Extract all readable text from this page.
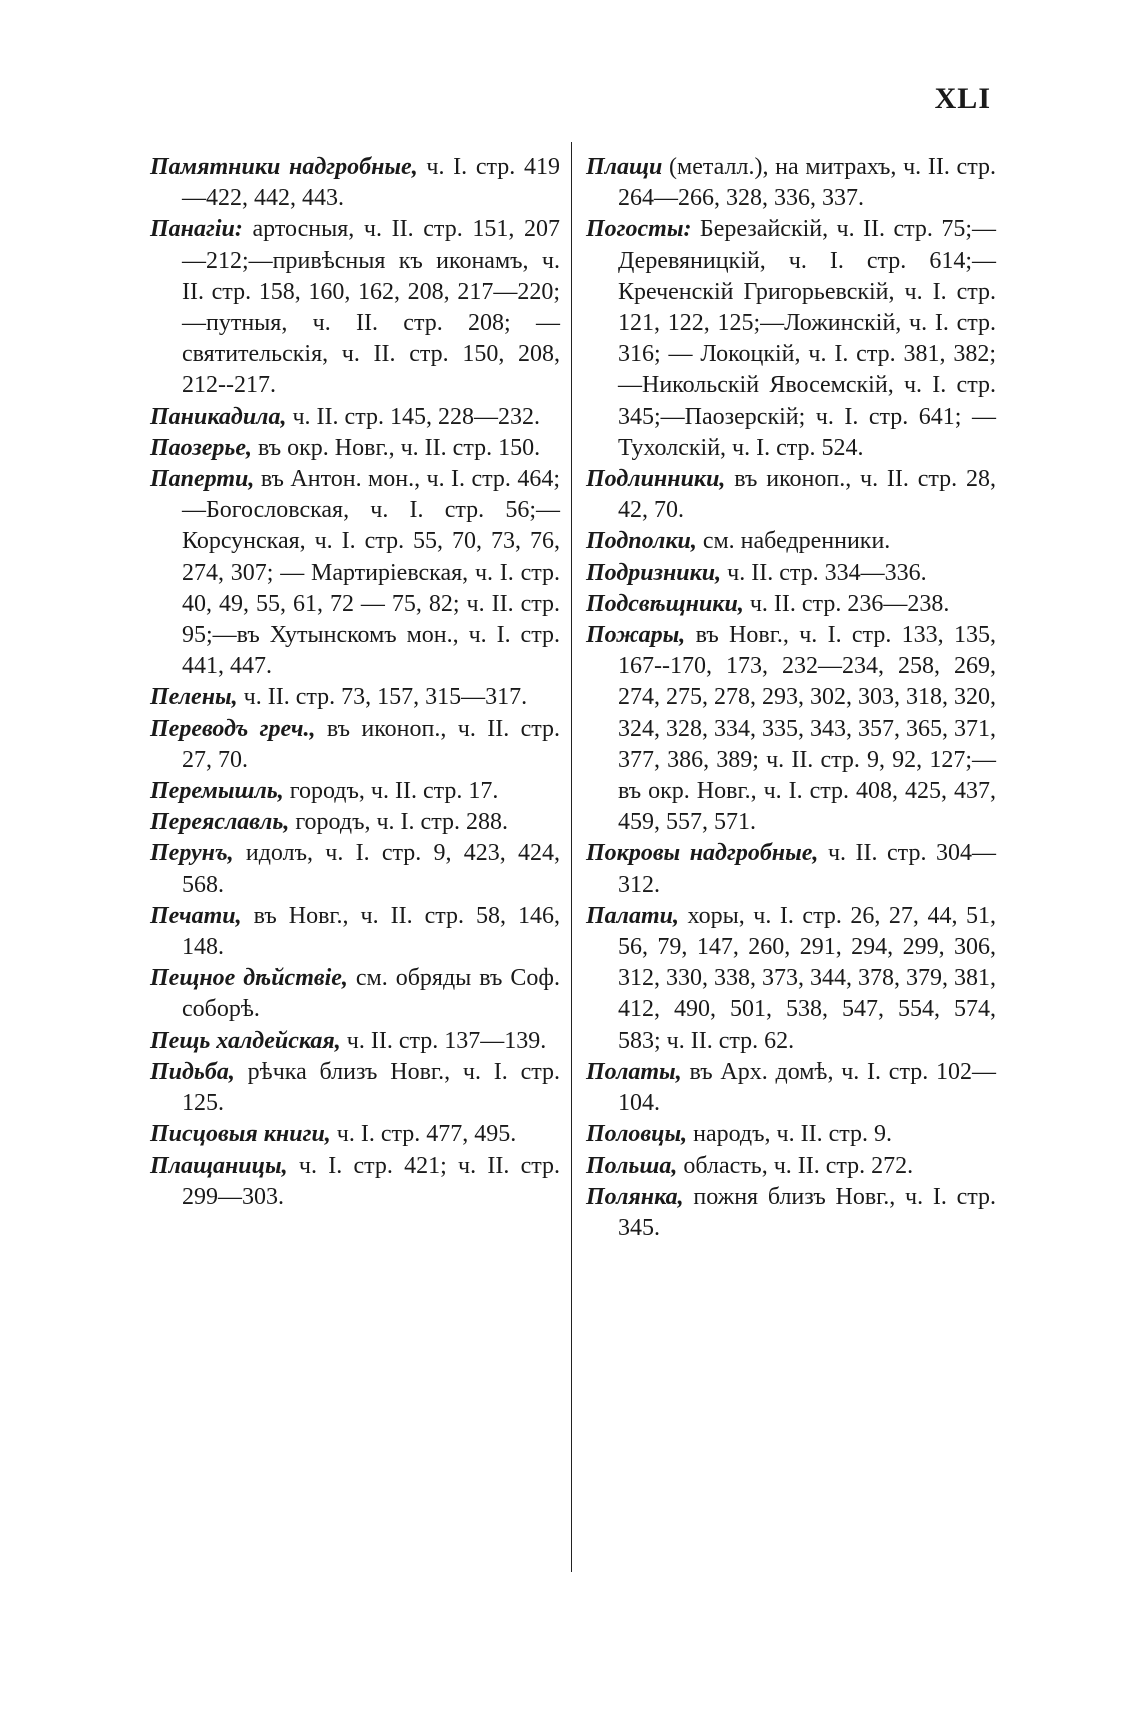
XLI

Памятники надгробные, ч. I. стр. 419—422, 442, 443.

Панагіи: артосныя, ч. II. стр. 151, 207—212;—привѣсныя къ иконамъ, ч. II. стр. 158, 160, 162, 208, 217—220; —путныя, ч. II. стр. 208; —святительскія, ч. II. стр. 150, 208, 212--217.

Паникадила, ч. II. стр. 145, 228—232.

Паозерье, въ окр. Новг., ч. II. стр. 150.

Паперти, въ Антон. мон., ч. I. стр. 464;—Богословская, ч. I. стр. 56;—Корсунская, ч. I. стр. 55, 70, 73, 76, 274, 307; — Мартиріевская, ч. I. стр. 40, 49, 55, 61, 72 — 75, 82; ч. II. стр. 95;—въ Хутынскомъ мон., ч. I. стр. 441, 447.

Пелены, ч. II. стр. 73, 157, 315—317.

Переводъ греч., въ иконоп., ч. II. стр. 27, 70.

Перемышль, городъ, ч. II. стр. 17.

Переяславль, городъ, ч. I. стр. 288.

Перунъ, идолъ, ч. I. стр. 9, 423, 424, 568.

Печати, въ Новг., ч. II. стр. 58, 146, 148.

Пещное дѣйствіе, см. обряды въ Соф. соборѣ.

Пещь халдейская, ч. II. стр. 137—139.

Пидьба, рѣчка близъ Новг., ч. I. стр. 125.

Писцовыя книги, ч. I. стр. 477, 495.

Плащаницы, ч. I. стр. 421; ч. II. стр. 299—303.

Плащи (металл.), на митрахъ, ч. II. стр. 264—266, 328, 336, 337.

Погосты: Березайскій, ч. II. стр. 75;—Деревяницкій, ч. I. стр. 614;—Креченскій Григорьевскій, ч. I. стр. 121, 122, 125;—Ложинскій, ч. I. стр. 316; — Локоцкій, ч. I. стр. 381, 382;—Никольскій Явосемскій, ч. I. стр. 345;—Паозерскій; ч. I. стр. 641; — Тухолскій, ч. I. стр. 524.

Подлинники, въ иконоп., ч. II. стр. 28, 42, 70.

Подполки, см. набедренники.

Подризники, ч. II. стр. 334—336.

Подсвѣщники, ч. II. стр. 236—238.

Пожары, въ Новг., ч. I. стр. 133, 135, 167--170, 173, 232—234, 258, 269, 274, 275, 278, 293, 302, 303, 318, 320, 324, 328, 334, 335, 343, 357, 365, 371, 377, 386, 389; ч. II. стр. 9, 92, 127;—въ окр. Новг., ч. I. стр. 408, 425, 437, 459, 557, 571.

Покровы надгробные, ч. II. стр. 304—312.

Палати, хоры, ч. I. стр. 26, 27, 44, 51, 56, 79, 147, 260, 291, 294, 299, 306, 312, 330, 338, 373, 344, 378, 379, 381, 412, 490, 501, 538, 547, 554, 574, 583; ч. II. стр. 62.

Полаты, въ Арх. домѣ, ч. I. стр. 102—104.

Половцы, народъ, ч. II. стр. 9.

Польша, область, ч. II. стр. 272.

Полянка, пожня близъ Новг., ч. I. стр. 345.
